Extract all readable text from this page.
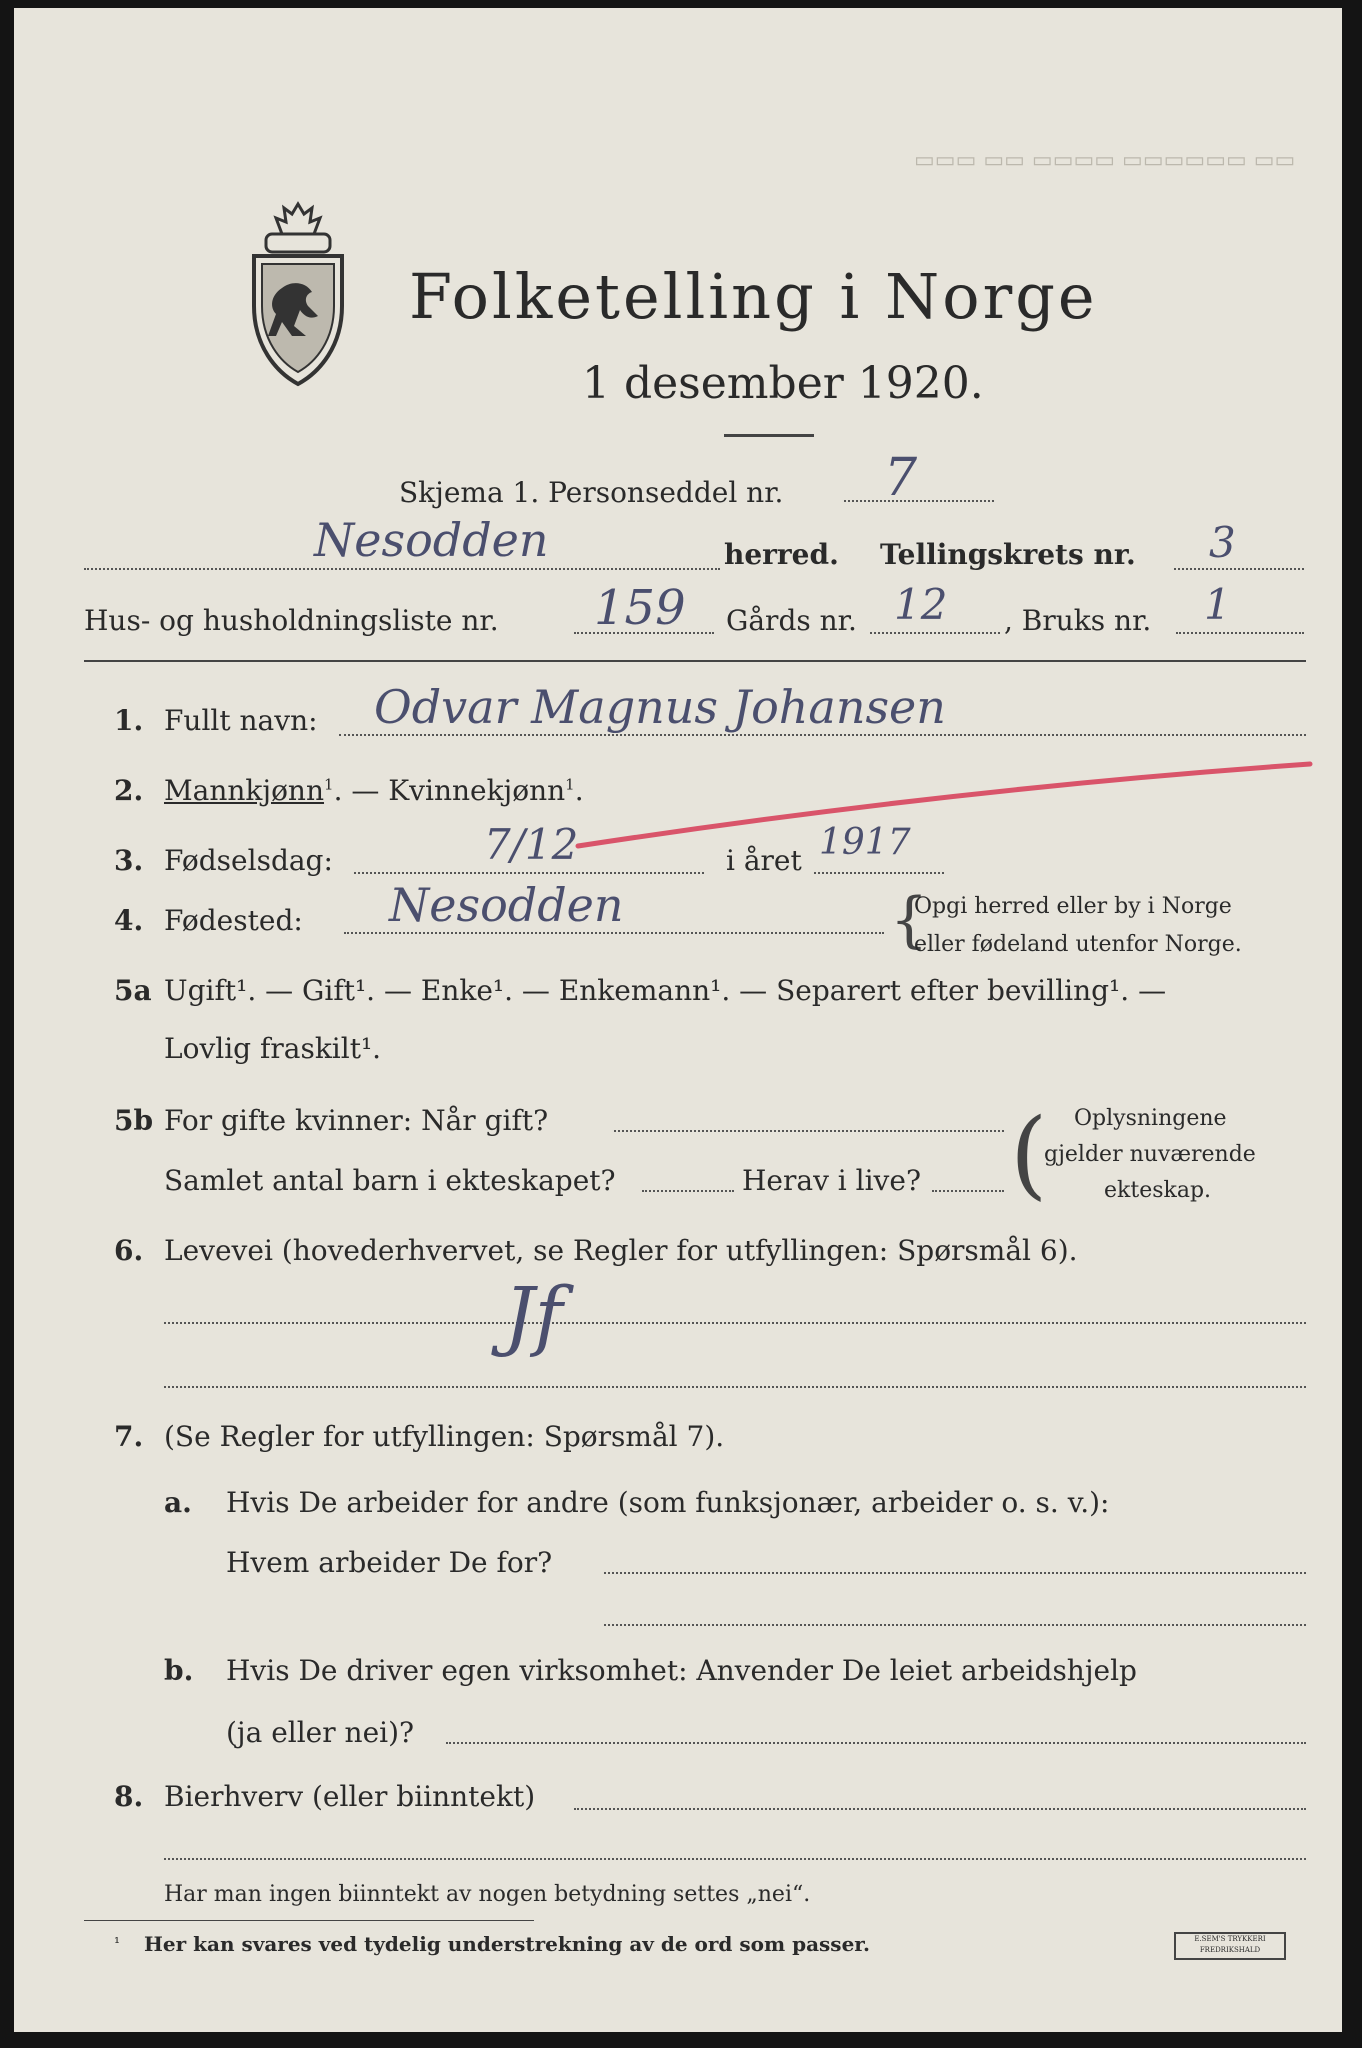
▭▭▭ ▭▭ ▭▭▭▭ ▭▭▭▭▭▭ ▭▭
Folketelling i Norge
1 desember 1920.
Skjema 1. Personseddel nr. 7
Nesodden	herred. Tellingskrets nr. 3
Hus- og husholdningsliste nr. 159 Gårds nr. 12 , Bruks nr. 1
1. Fullt navn: Odvar Magnus Johansen
2. Mannkjønn$^1$. — Kvinnekjønn$^1$.
3. Fødselsdag:	7/12	i året 1917
4. Fødested: Nesodden	{
Opgi herred eller by i Norge
eller fødeland utenfor Norge.
5a Ugift¹. — Gift¹. — Enke¹. — Enkemann¹. — Separert efter bevilling¹. —
Lovlig fraskilt¹.
5b For gifte kvinner: Når gift?
Samlet antal barn i ekteskapet?	Herav i live? ( Oplysningene
gjelder nuværende
ekteskap.
6. Levevei (hovederhvervet, se Regler for utfyllingen: Spørsmål 6).
Jf
7. (Se Regler for utfyllingen: Spørsmål 7).
a. Hvis De arbeider for andre (som funksjonær, arbeider o. s. v.):
Hvem arbeider De for?
b. Hvis De driver egen virksomhet: Anvender De leiet arbeidshjelp
(ja eller nei)?
8. Bierhverv (eller biinntekt)
Har man ingen biinntekt av nogen betydning settes „nei“.
¹ Her kan svares ved tydelig understrekning av de ord som passer.	E.SEM'S TRYKKERI FREDRIKSHALD
